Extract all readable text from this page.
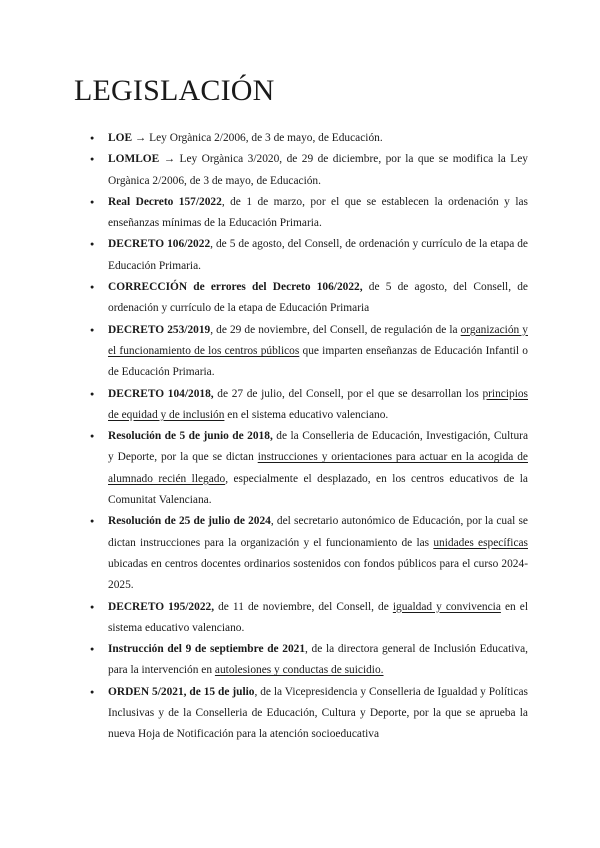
LEGISLACIÓN
● LOE → Ley Orgànica 2/2006, de 3 de mayo, de Educación.
● LOMLOE → Ley Orgànica 3/2020, de 29 de diciembre, por la que se modifica la Ley Orgànica 2/2006, de 3 de mayo, de Educación.
● Real Decreto 157/2022, de 1 de marzo, por el que se establecen la ordenación y las enseñanzas mínimas de la Educación Primaria.
● DECRETO 106/2022, de 5 de agosto, del Consell, de ordenación y currículo de la etapa de Educación Primaria.
● CORRECCIÓN de errores del Decreto 106/2022, de 5 de agosto, del Consell, de ordenación y currículo de la etapa de Educación Primaria
● DECRETO 253/2019, de 29 de noviembre, del Consell, de regulación de la organización y el funcionamiento de los centros públicos que imparten enseñanzas de Educación Infantil o de Educación Primaria.
● DECRETO 104/2018, de 27 de julio, del Consell, por el que se desarrollan los principios de equidad y de inclusión en el sistema educativo valenciano.
● Resolución de 5 de junio de 2018, de la Conselleria de Educación, Investigación, Cultura y Deporte, por la que se dictan instrucciones y orientaciones para actuar en la acogida de alumnado recién llegado, especialmente el desplazado, en los centros educativos de la Comunitat Valenciana.
● Resolución de 25 de julio de 2024, del secretario autonómico de Educación, por la cual se dictan instrucciones para la organización y el funcionamiento de las unidades específicas ubicadas en centros docentes ordinarios sostenidos con fondos públicos para el curso 2024-2025.
● DECRETO 195/2022, de 11 de noviembre, del Consell, de igualdad y convivencia en el sistema educativo valenciano.
● Instrucción del 9 de septiembre de 2021, de la directora general de Inclusión Educativa, para la intervención en autolesiones y conductas de suicidio.
● ORDEN 5/2021, de 15 de julio, de la Vicepresidencia y Conselleria de Igualdad y Políticas Inclusivas y de la Conselleria de Educación, Cultura y Deporte, por la que se aprueba la nueva Hoja de Notificación para la atención socioeducativa
